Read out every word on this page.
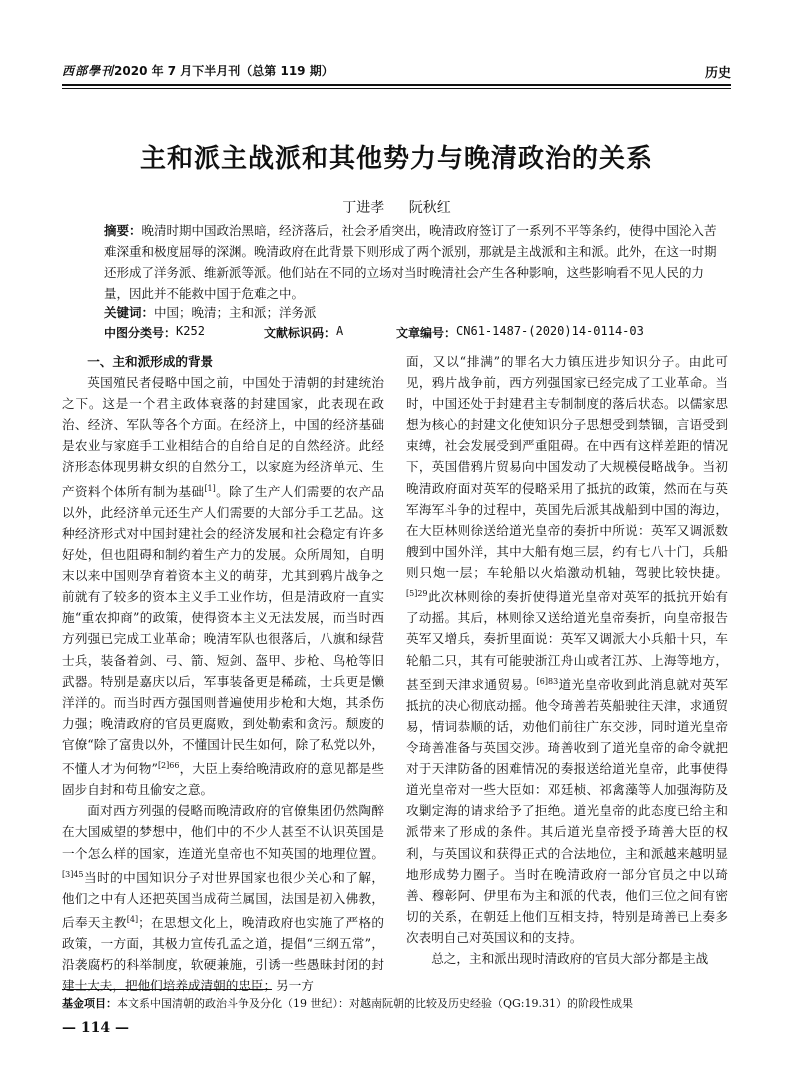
西部學刊2020 年 7 月下半月刊（总第 119 期）	历史
主和派主战派和其他势力与晚清政治的关系
丁进孝 阮秋红
摘要：晚清时期中国政治黑暗，经济落后，社会矛盾突出，晚清政府签订了一系列不平等条约，使得中国沦入苦难深重和极度屈辱的深渊。晚清政府在此背景下则形成了两个派别，那就是主战派和主和派。此外，在这一时期还形成了洋务派、维新派等派。他们站在不同的立场对当时晚清社会产生各种影响，这些影响看不见人民的力量，因此并不能救中国于危难之中。
关键词：中国；晚清；主和派；洋务派
中图分类号： K252	文献标识码： A	文章编号： CN61-1487-(2020)14-0114-03
一、主和派形成的背景

英国殖民者侵略中国之前，中国处于清朝的封建统治之下。这是一个君主政体衰落的封建国家，此表现在政治、经济、军队等各个方面。在经济上，中国的经济基础是农业与家庭手工业相结合的自给自足的自然经济。此经济形态体现男耕女织的自然分工，以家庭为经济单元、生产资料个体所有制为基础[1]。除了生产人们需要的农产品以外，此经济单元还生产人们需要的大部分手工艺品。这种经济形式对中国封建社会的经济发展和社会稳定有许多好处，但也阻碍和制约着生产力的发展。众所周知，自明末以来中国则孕育着资本主义的萌芽，尤其到鸦片战争之前就有了较多的资本主义手工业作坊，但是清政府一直实施“重农抑商”的政策，使得资本主义无法发展，而当时西方列强已完成工业革命；晚清军队也很落后，八旗和绿营士兵，装备着剑、弓、箭、短剑、盔甲、步枪、鸟枪等旧武器。特别是嘉庆以后，军事装备更是稀疏，士兵更是懒洋洋的。而当时西方强国则普遍使用步枪和大炮，其杀伤力强；晚清政府的官员更腐败，到处勒索和贪污。颓废的官僚“除了富贵以外，不懂国计民生如何，除了私党以外，不懂人才为何物”$^{[2]66}$，大臣上奏给晚清政府的意见都是些固步自封和苟且偷安之意。

面对西方列强的侵略而晚清政府的官僚集团仍然陶醉在大国威望的梦想中，他们中的不少人甚至不认识英国是一个怎么样的国家，连道光皇帝也不知英国的地理位置。$^{[3]45}$当时的中国知识分子对世界国家也很少关心和了解，他们之中有人还把英国当成荷兰属国，法国是初入佛教，后奉天主教[4]；在思想文化上，晚清政府也实施了严格的政策，一方面，其极力宣传孔孟之道，提倡“三纲五常”，沿袭腐朽的科举制度，软硬兼施，引诱一些愚昧封闭的封建士大夫，把他们培养成清朝的忠臣；另一方

面，又以“排满”的罪名大力镇压进步知识分子。由此可见，鸦片战争前，西方列强国家已经完成了工业革命。当时，中国还处于封建君主专制制度的落后状态。以儒家思想为核心的封建文化使知识分子思想受到禁锢，言语受到束缚，社会发展受到严重阻碍。在中西有这样差距的情况下，英国借鸦片贸易向中国发动了大规模侵略战争。当初晚清政府面对英军的侵略采用了抵抗的政策，然而在与英军海军斗争的过程中，英国先后派其战船到中国的海边，在大臣林则徐送给道光皇帝的奏折中所说：英军又调派数艘到中国外洋，其中大船有炮三层，约有七八十门，兵船则只炮一层；车轮船以火焰激动机轴，驾驶比较快捷。$^{[5]29}$此次林则徐的奏折使得道光皇帝对英军的抵抗开始有了动摇。其后，林则徐又送给道光皇帝奏折，向皇帝报告英军又增兵，奏折里面说：英军又调派大小兵船十只，车轮船二只，其有可能驶浙江舟山或者江苏、上海等地方，甚至到天津求通贸易。$^{[6]83}$道光皇帝收到此消息就对英军抵抗的决心彻底动摇。他令琦善若英船驶往天津，求通贸易，情词恭顺的话，劝他们前往广东交涉，同时道光皇帝令琦善准备与英国交涉。琦善收到了道光皇帝的命令就把对于天津防备的困难情况的奏报送给道光皇帝，此事使得道光皇帝对一些大臣如：邓廷桢、祁禽藻等人加强海防及攻剿定海的请求给予了拒绝。道光皇帝的此态度已给主和派带来了形成的条件。其后道光皇帝授予琦善大臣的权利，与英国议和获得正式的合法地位，主和派越来越明显地形成势力圈子。当时在晚清政府一部分官员之中以琦善、穆彰阿、伊里布为主和派的代表，他们三位之间有密切的关系，在朝廷上他们互相支持，特别是琦善已上奏多次表明自己对英国议和的支持。

总之，主和派出现时清政府的官员大部分都是主战

基金项目：本文系中国清朝的政治斗争及分化（19 世纪）：对越南阮朝的比较及历史经验（QG:19.31）的阶段性成果
— 114 —
